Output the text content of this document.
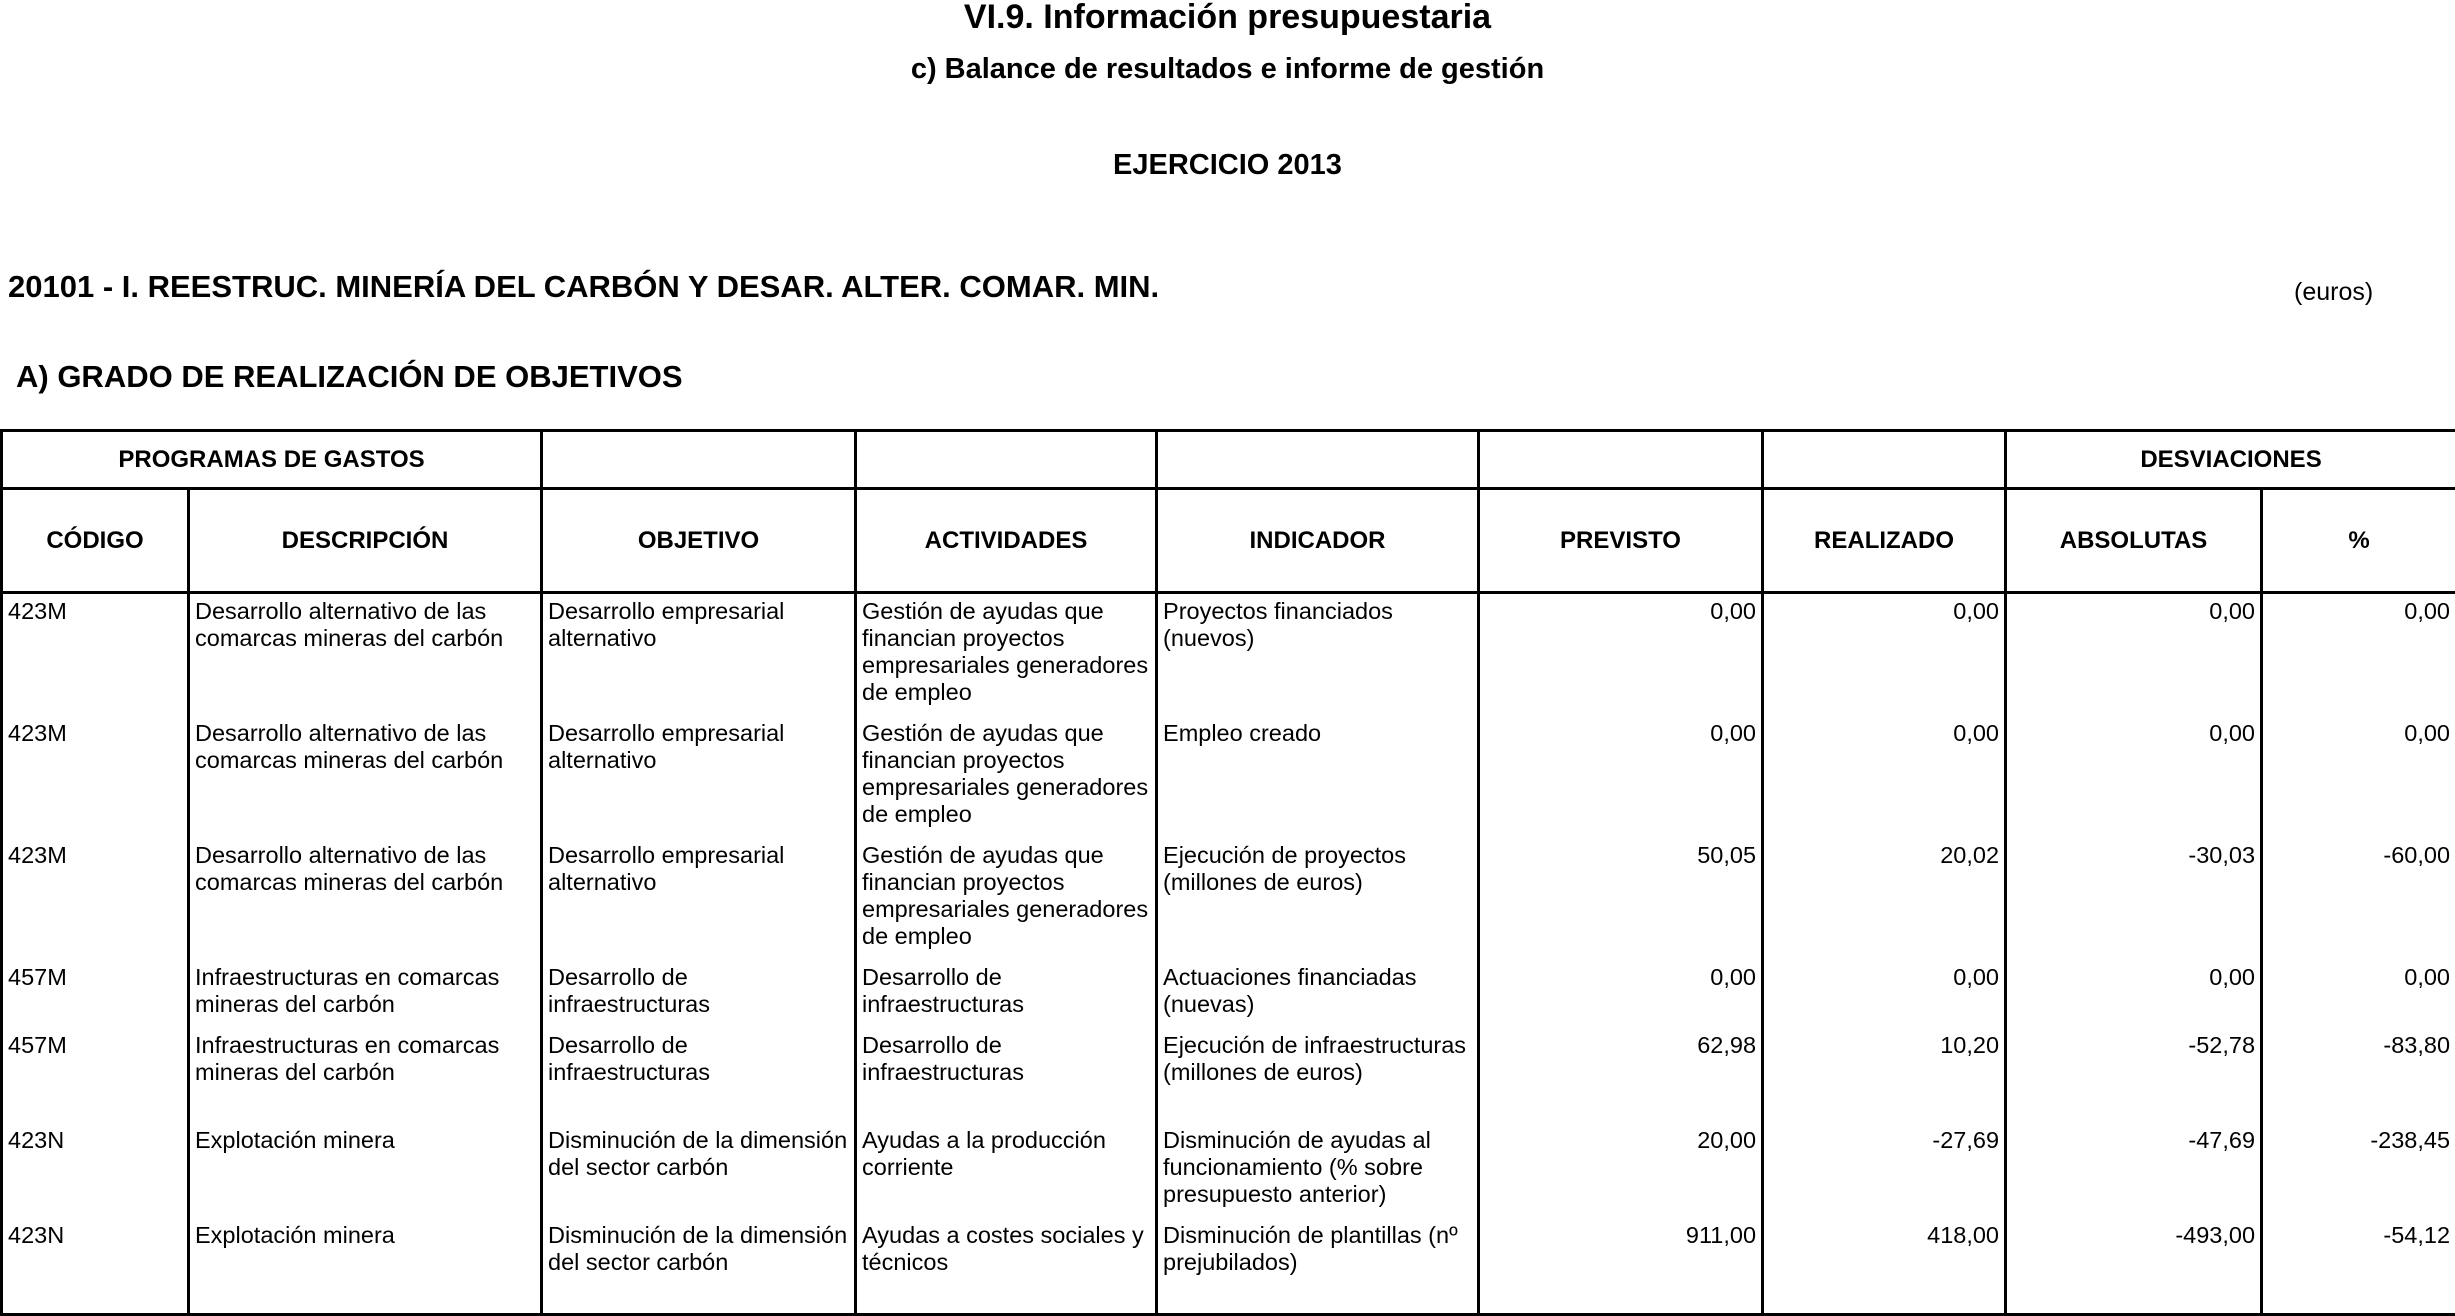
VI.9. Información presupuestaria
c) Balance de resultados e informe de gestión
EJERCICIO 2013
20101 - I. REESTRUC. MINERÍA DEL CARBÓN Y DESAR. ALTER. COMAR. MIN.	(euros)
A) GRADO DE REALIZACIÓN DE OBJETIVOS
PROGRAMAS DE GASTOS							DESVIACIONES	
CÓDIGO	DESCRIPCIÓN	OBJETIVO	ACTIVIDADES	INDICADOR	PREVISTO	REALIZADO	ABSOLUTAS	%
423M	Desarrollo alternativo de las comarcas mineras del carbón	Desarrollo empresarial alternativo	Gestión de ayudas que financian proyectos empresariales generadores de empleo	Proyectos financiados (nuevos)	0,00	0,00	0,00	0,00
423M	Desarrollo alternativo de las comarcas mineras del carbón	Desarrollo empresarial alternativo	Gestión de ayudas que financian proyectos empresariales generadores de empleo	Empleo creado	0,00	0,00	0,00	0,00
423M	Desarrollo alternativo de las comarcas mineras del carbón	Desarrollo empresarial alternativo	Gestión de ayudas que financian proyectos empresariales generadores de empleo	Ejecución de proyectos (millones de euros)	50,05	20,02	-30,03	-60,00
457M	Infraestructuras en comarcas mineras del carbón	Desarrollo de infraestructuras	Desarrollo de infraestructuras	Actuaciones financiadas (nuevas)	0,00	0,00	0,00	0,00
457M	Infraestructuras en comarcas mineras del carbón	Desarrollo de infraestructuras	Desarrollo de infraestructuras	Ejecución de infraestructuras (millones de euros)	62,98	10,20	-52,78	-83,80
423N	Explotación minera	Disminución de la dimensión del sector carbón	Ayudas a la producción corriente	Disminución de ayudas al funcionamiento (% sobre presupuesto anterior)	20,00	-27,69	-47,69	-238,45
423N	Explotación minera	Disminución de la dimensión del sector carbón	Ayudas a costes sociales y técnicos	Disminución de plantillas (nº prejubilados)	911,00	418,00	-493,00	-54,12
